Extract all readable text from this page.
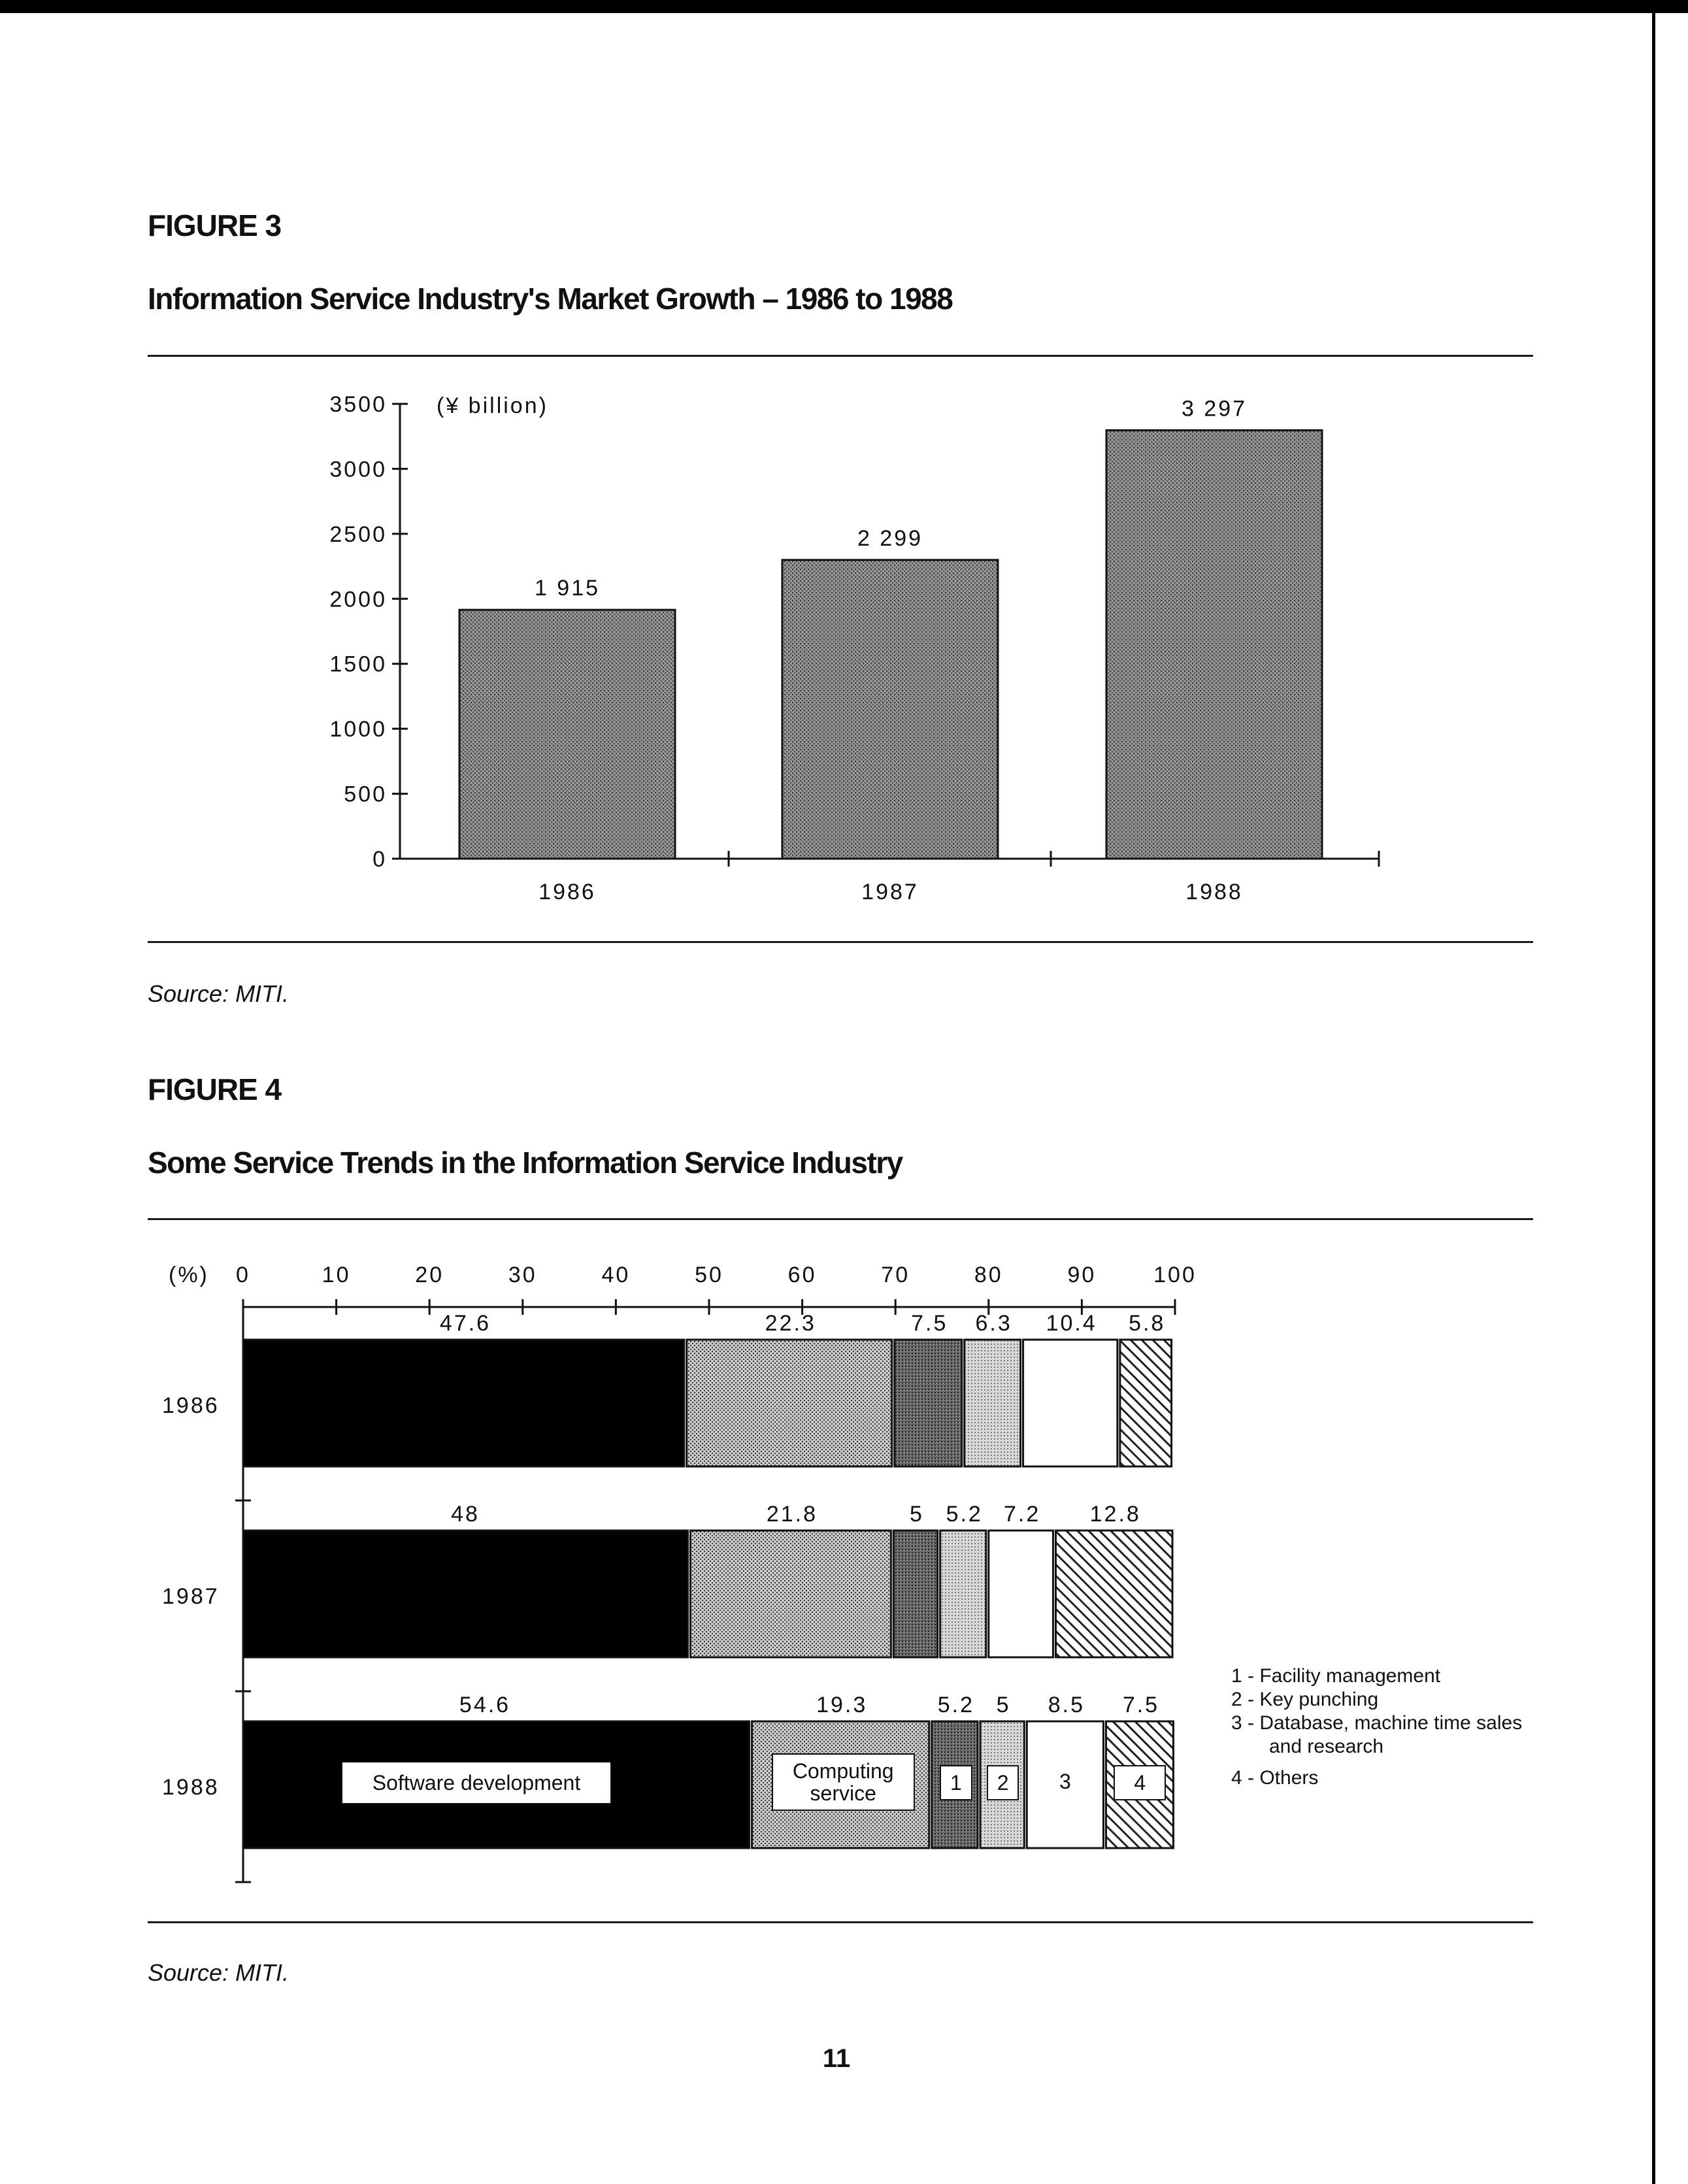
FIGURE 3
Information Service Industry's Market Growth – 1986 to 1988
Source: MITI.
FIGURE 4
Some Service Trends in the Information Service Industry
Source: MITI.
1 - Facility management
2 - Key punching
3 - Database, machine time sales
and research
4 - Others
11
0
500
1000
1500
2000
2500
3000
3500 (¥ billion)
1 915
1986
2 299
1987
3 297
1988
(%) 0	10	20	30	40	50	60	70	80	90	100
1986
47.6	22.3	7.5 6.3 10.4 5.8
1987
48	21.8	5 5.2 7.2 12.8
1988
54.6	19.3	5.2 5 8.5 7.5
Software development	Computing
service	1	2	3	4
